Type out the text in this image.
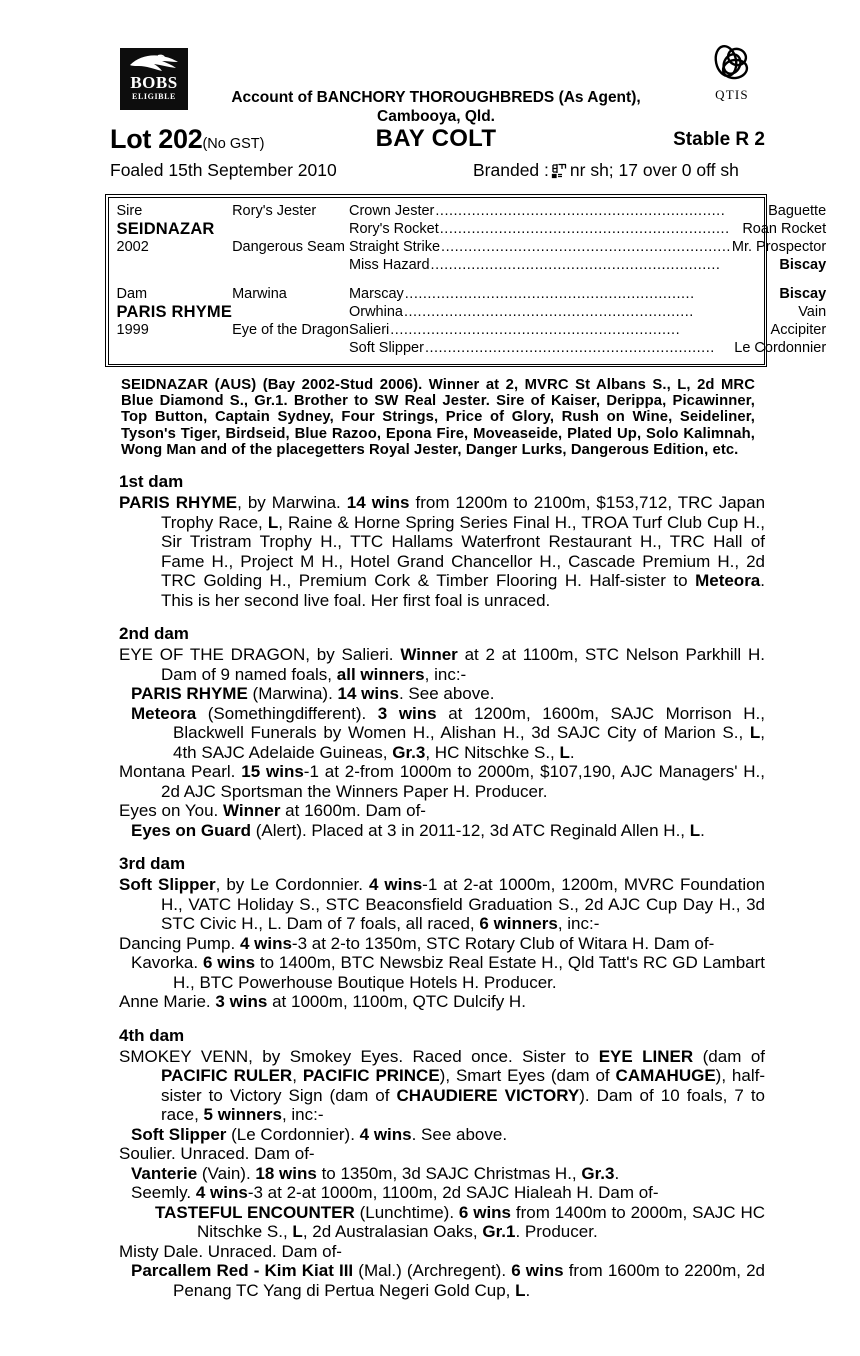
BOBS
ELIGIBLE	QTIS
Account of BANCHORY THOROUGHBREDS (As Agent),
Cambooya, Qld.
Lot 202(No GST)	BAY COLT	Stable R 2
Foaled 15th September 2010	Branded : nr sh; 17 over 0 off sh
Sire	Rory's Jester	Crown Jester ................................................................ Baguette

SEIDNAZAR		Rory's Rocket ................................................................ Roan Rocket

2002	Dangerous Seam	Straight Strike ................................................................ Mr. Prospector

		Miss Hazard ................................................................ Biscay

Dam	Marwina	Marscay ................................................................ Biscay

PARIS RHYME		Orwhina ................................................................ Vain

1999	Eye of the Dragon	Salieri ................................................................ Accipiter

		Soft Slipper ................................................................ Le Cordonnier
SEIDNAZAR (AUS) (Bay 2002-Stud 2006). Winner at 2, MVRC St Albans S., L, 2d MRC Blue Diamond S., Gr.1. Brother to SW Real Jester. Sire of Kaiser, Derippa, Picawinner, Top Button, Captain Sydney, Four Strings, Price of Glory, Rush on Wine, Seideliner, Tyson's Tiger, Birdseid, Blue Razoo, Epona Fire, Moveaseide, Plated Up, Solo Kalimnah, Wong Man and of the placegetters Royal Jester, Danger Lurks, Dangerous Edition, etc.
1st dam
PARIS RHYME, by Marwina. 14 wins from 1200m to 2100m, $153,712, TRC Japan Trophy Race, L, Raine & Horne Spring Series Final H., TROA Turf Club Cup H., Sir Tristram Trophy H., TTC Hallams Waterfront Restaurant H., TRC Hall of Fame H., Project M H., Hotel Grand Chancellor H., Cascade Premium H., 2d TRC Golding H., Premium Cork & Timber Flooring H. Half-sister to Meteora. This is her second live foal. Her first foal is unraced.
2nd dam
EYE OF THE DRAGON, by Salieri. Winner at 2 at 1100m, STC Nelson Parkhill H. Dam of 9 named foals, all winners, inc:-
PARIS RHYME (Marwina). 14 wins. See above.
Meteora (Somethingdifferent). 3 wins at 1200m, 1600m, SAJC Morrison H., Blackwell Funerals by Women H., Alishan H., 3d SAJC City of Marion S., L, 4th SAJC Adelaide Guineas, Gr.3, HC Nitschke S., L.
Montana Pearl. 15 wins-1 at 2-from 1000m to 2000m, $107,190, AJC Managers' H., 2d AJC Sportsman the Winners Paper H. Producer.
Eyes on You. Winner at 1600m. Dam of-
Eyes on Guard (Alert). Placed at 3 in 2011-12, 3d ATC Reginald Allen H., L.
3rd dam
Soft Slipper, by Le Cordonnier. 4 wins-1 at 2-at 1000m, 1200m, MVRC Foundation H., VATC Holiday S., STC Beaconsfield Graduation S., 2d AJC Cup Day H., 3d STC Civic H., L. Dam of 7 foals, all raced, 6 winners, inc:-
Dancing Pump. 4 wins-3 at 2-to 1350m, STC Rotary Club of Witara H. Dam of-
Kavorka. 6 wins to 1400m, BTC Newsbiz Real Estate H., Qld Tatt's RC GD Lambart H., BTC Powerhouse Boutique Hotels H. Producer.
Anne Marie. 3 wins at 1000m, 1100m, QTC Dulcify H.
4th dam
SMOKEY VENN, by Smokey Eyes. Raced once. Sister to EYE LINER (dam of PACIFIC RULER, PACIFIC PRINCE), Smart Eyes (dam of CAMAHUGE), half-sister to Victory Sign (dam of CHAUDIERE VICTORY). Dam of 10 foals, 7 to race, 5 winners, inc:-
Soft Slipper (Le Cordonnier). 4 wins. See above.
Soulier. Unraced. Dam of-
Vanterie (Vain). 18 wins to 1350m, 3d SAJC Christmas H., Gr.3.
Seemly. 4 wins-3 at 2-at 1000m, 1100m, 2d SAJC Hialeah H. Dam of-
TASTEFUL ENCOUNTER (Lunchtime). 6 wins from 1400m to 2000m, SAJC HC Nitschke S., L, 2d Australasian Oaks, Gr.1. Producer.
Misty Dale. Unraced. Dam of-
Parcallem Red - Kim Kiat III (Mal.) (Archregent). 6 wins from 1600m to 2200m, 2d Penang TC Yang di Pertua Negeri Gold Cup, L.
